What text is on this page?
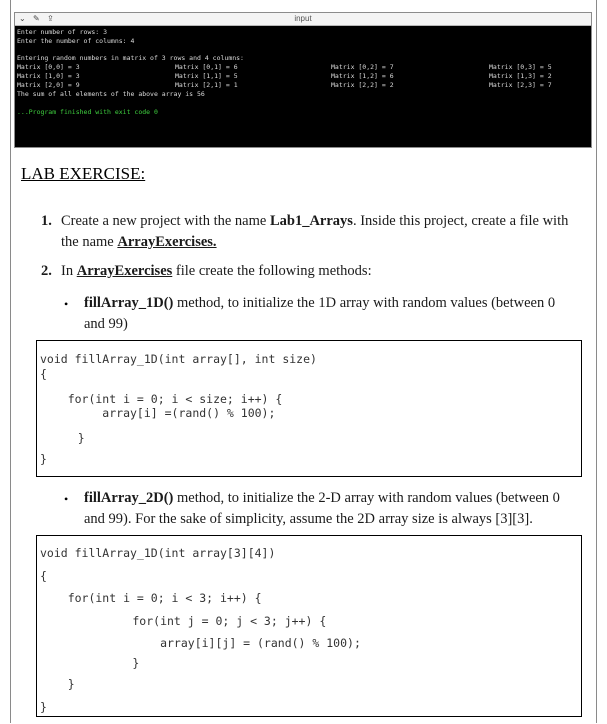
⌄ ✎ ⇪	input
Enter number of rows: 3
Enter the number of columns: 4
Entering random numbers in matrix of 3 rows and 4 columns:
Matrix [0,0] = 3	Matrix [0,1] = 6	Matrix [0,2] = 7	Matrix [0,3] = 5
Matrix [1,0] = 3	Matrix [1,1] = 5	Matrix [1,2] = 6	Matrix [1,3] = 2
Matrix [2,0] = 9	Matrix [2,1] = 1	Matrix [2,2] = 2	Matrix [2,3] = 7
The sum of all elements of the above array is 56
...Program finished with exit code 0
LAB EXERCISE:
1. Create a new project with the name Lab1_Arrays. Inside this project, create a file with
the name ArrayExercises.
2. In ArrayExercises file create the following methods:
• fillArray_1D() method, to initialize the 1D array with random values (between 0
and 99)
void fillArray_1D(int array[], int size)
{
for(int i = 0; i < size; i++) {
array[i] =(rand() % 100);
}
}
• fillArray_2D() method, to initialize the 2-D array with random values (between 0
and 99). For the sake of simplicity, assume the 2D array size is always [3][3].
void fillArray_1D(int array[3][4])
{
for(int i = 0; i < 3; i++) {
for(int j = 0; j < 3; j++) {
array[i][j] = (rand() % 100);
}
}
}
